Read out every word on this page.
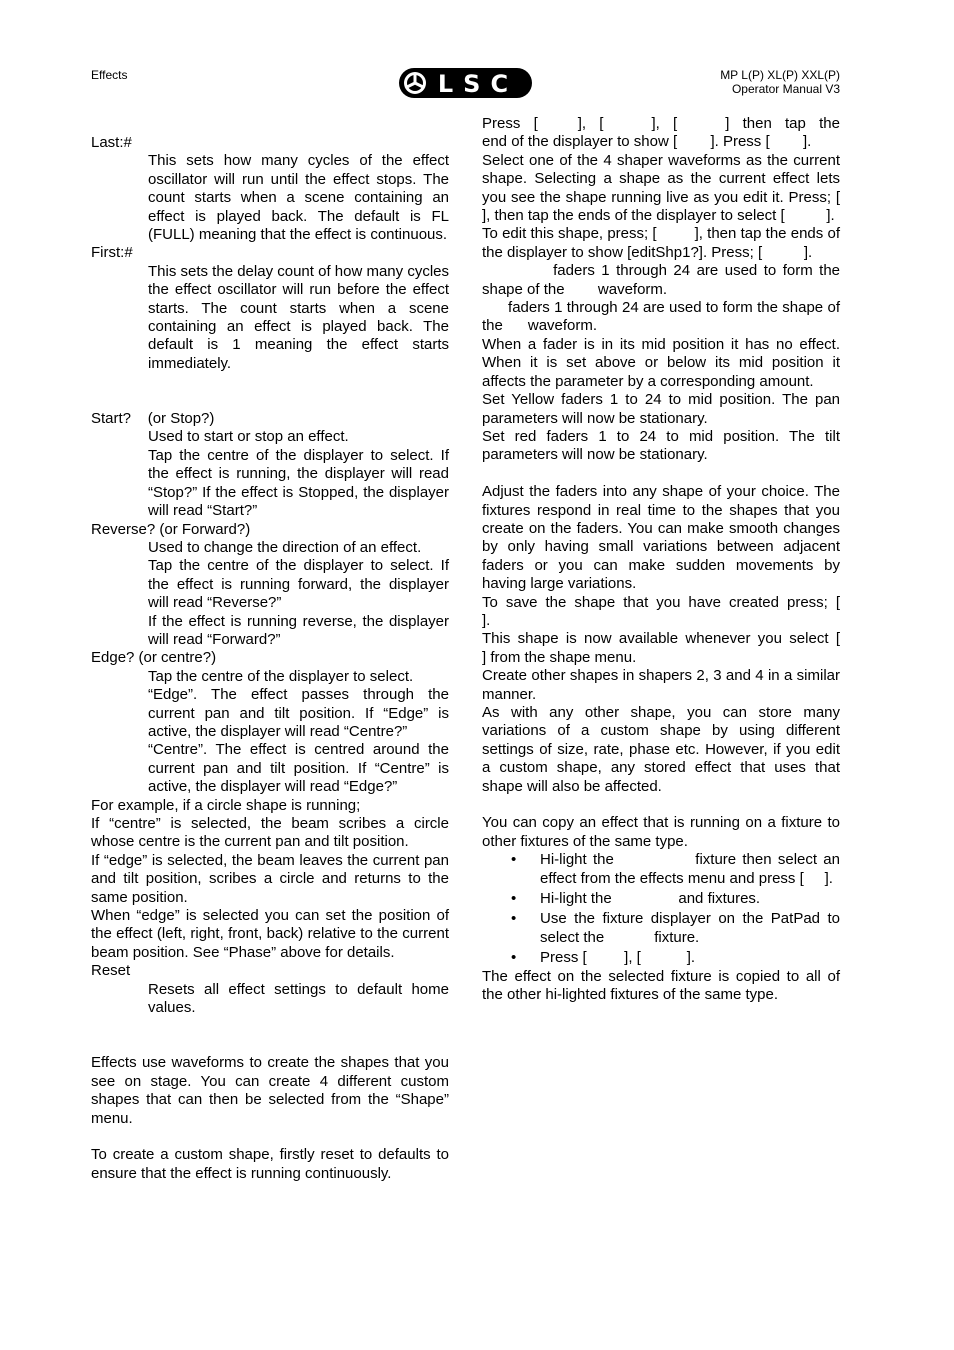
Effects	LSC	MP L(P) XL(P) XXL(P)
Operator Manual V3

Last:#

This sets how many cycles of the effect oscillator will run until the effect stops. The count starts when a scene containing an effect is played back. The default is FL (FULL) meaning that the effect is continuous.

First:#

This sets the delay count of how many cycles the effect oscillator will run before the effect starts. The count starts when a scene containing an effect is played back. The default is 1 meaning the effect starts immediately.

Start? (or Stop?)

Used to start or stop an effect.

Tap the centre of the displayer to select. If the effect is running, the displayer will read “Stop?” If the effect is Stopped, the displayer will read “Start?”

Reverse? (or Forward?)

Used to change the direction of an effect.

Tap the centre of the displayer to select. If the effect is running forward, the displayer will read “Reverse?”

If the effect is running reverse, the displayer will read “Forward?”

Edge? (or centre?)

Tap the centre of the displayer to select.

“Edge”. The effect passes through the current pan and tilt position. If “Edge” is active, the displayer will read “Centre?”

“Centre”. The effect is centred around the current pan and tilt position. If “Centre” is active, the displayer will read “Edge?”

For example, if a circle shape is running;

If “centre” is selected, the beam scribes a circle whose centre is the current pan and tilt position.

If “edge” is selected, the beam leaves the current pan and tilt position, scribes a circle and returns to the same position.

When “edge” is selected you can set the position of the effect (left, right, front, back) relative to the current beam position. See “Phase” above for details.

Reset

Resets all effect settings to default home values.

Effects use waveforms to create the shapes that you see on stage. You can create 4 different custom shapes that can then be selected from the “Shape” menu.

To create a custom shape, firstly reset to defaults to ensure that the effect is running continuously.

Press [	], [	], [	] then tap the

end of the displayer to show [        ]. Press [        ].

Select one of the 4 shaper waveforms as the current shape. Selecting a shape as the current effect lets you see the shape running live as you edit it. Press; [        ], then tap the ends of the displayer to select [          ].

To edit this shape, press; [         ], then tap the ends of the displayer to show [editShp1?]. Press; [          ].

faders 1 through 24 are used to form the shape of the        waveform.

faders 1 through 24 are used to form the shape of the      waveform.

When a fader is in its mid position it has no effect. When it is set above or below its mid position it affects the parameter by a corresponding amount.

Set Yellow faders 1 to 24 to mid position. The pan parameters will now be stationary.

Set red faders 1 to 24 to mid position. The tilt parameters will now be stationary.

Adjust the faders into any shape of your choice. The fixtures respond in real time to the shapes that you create on the faders. You can make smooth changes by only having small variations between adjacent faders or you can make sudden movements by having large variations.

To save the shape that you have created press; [             ].

This shape is now available whenever you select [          ] from the shape menu.

Create other shapes in shapers 2, 3 and 4 in a similar manner.

As with any other shape, you can store many variations of a custom shape by using different settings of size, rate, phase etc. However, if you edit a custom shape, any stored effect that uses that shape will also be affected.

You can copy an effect that is running on a fixture to other fixtures of the same type.

• Hi-light the             fixture then select an effect from the effects menu and press [     ].
• Hi-light the                and fixtures.
• Use the fixture displayer on the PatPad to select the            fixture.
• Press [         ], [           ].

The effect on the selected fixture is copied to all of the other hi-lighted fixtures of the same type.
